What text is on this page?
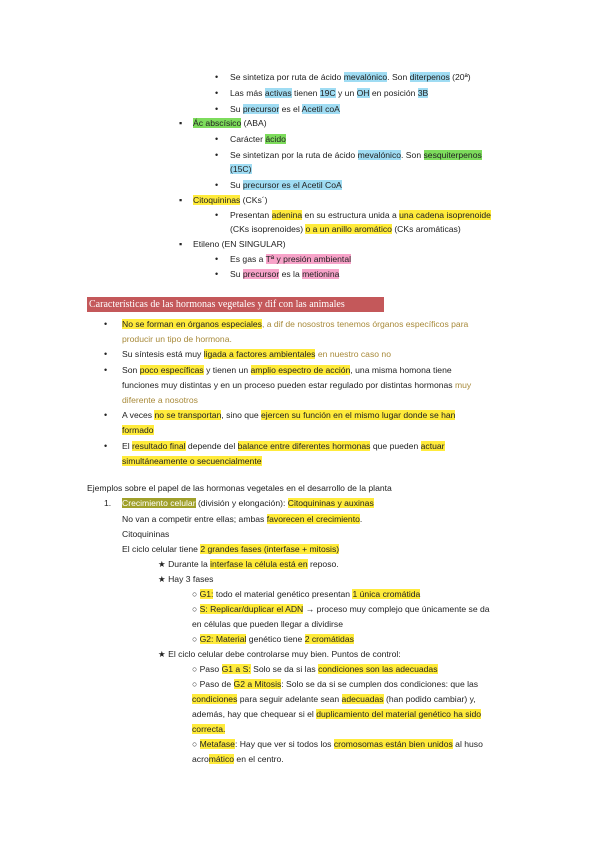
• Se sintetiza por ruta de ácido mevalónico. Son diterpenos (20ª)
• Las más activas tienen 19C y un OH en posición 3B
• Su precursor es el Acetil coA
▪ Ác abscísico (ABA)
• Carácter ácido
• Se sintetizan por la ruta de ácido mevalónico. Son sesquiterpenos
(15C)
• Su precursor es el Acetil CoA
▪ Citoquininas (CKs´)
• Presentan adenina en su estructura unida a una cadena isoprenoide
(CKs isoprenoides) o a un anillo aromático (CKs aromáticas)
▪ Etileno (EN SINGULAR)
• Es gas a Tª y presión ambiental
• Su precursor es la metionina
Características de las hormonas vegetales y dif con las animales
• No se forman en órganos especiales, a dif de nosostros tenemos órganos específicos para
producir un tipo de hormona.
• Su síntesis está muy ligada a factores ambientales en nuestro caso no
• Son poco específicas y tienen un amplio espectro de acción, una misma homona tiene
funciones muy distintas y en un proceso pueden estar regulado por distintas hormonas muy
diferente a nosotros
• A veces no se transportan, sino que ejercen su función en el mismo lugar donde se han
formado
• El resultado final depende del balance entre diferentes hormonas que pueden actuar
simultáneamente o secuencialmente
Ejemplos sobre el papel de las hormonas vegetales en el desarrollo de la planta
1. Crecimiento celular (división y elongación): Citoquininas y auxinas
No van a competir entre ellas; ambas favorecen el crecimiento.
Citoquininas
El ciclo celular tiene 2 grandes fases (interfase + mitosis)
★ Durante la interfase la célula está en reposo.
★ Hay 3 fases
○ G1: todo el material genético presentan 1 única cromátida
○ S: Replicar/duplicar el ADN → proceso muy complejo que únicamente se da
en células que pueden llegar a dividirse
○ G2: Material genético tiene 2 cromátidas
★ El ciclo celular debe controlarse muy bien. Puntos de control:
○ Paso G1 a S: Solo se da si las condiciones son las adecuadas
○ Paso de G2 a Mitosis: Solo se da si se cumplen dos condiciones: que las
condiciones para seguir adelante sean adecuadas (han podido cambiar) y,
además, hay que chequear si el duplicamiento del material genético ha sido
correcta.
○ Metafase: Hay que ver si todos los cromosomas están bien unidos al huso
acromático en el centro.
